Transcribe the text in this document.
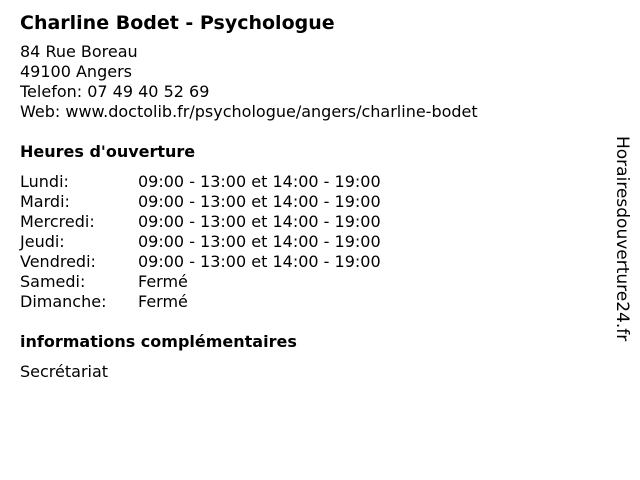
Charline Bodet - Psychologue
84 Rue Boreau
49100 Angers
Telefon: 07 49 40 52 69
Web: www.doctolib.fr/psychologue/angers/charline-bodet
Heures d'ouverture
Lundi:	09:00 - 13:00 et 14:00 - 19:00
Mardi:	09:00 - 13:00 et 14:00 - 19:00
Mercredi:	09:00 - 13:00 et 14:00 - 19:00
Jeudi:	09:00 - 13:00 et 14:00 - 19:00
Vendredi:	09:00 - 13:00 et 14:00 - 19:00
Samedi:	Fermé
Dimanche:	Fermé
informations complémentaires
Secrétariat
Horairesdouverture24.fr
